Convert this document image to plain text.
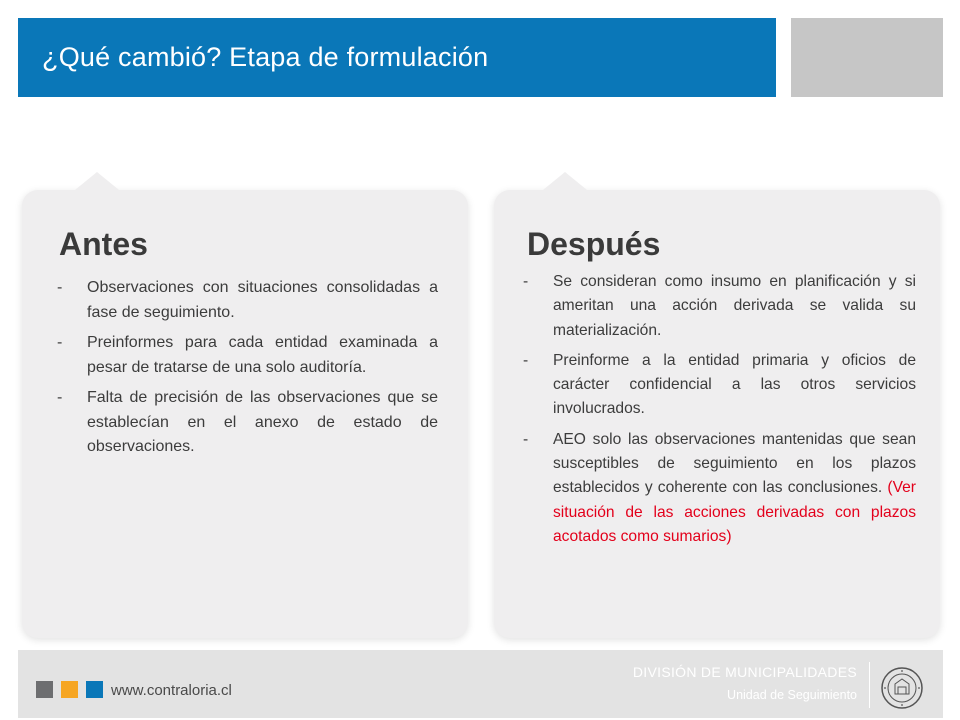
¿Qué cambió? Etapa de formulación
Antes
- Observaciones con situaciones consolidadas a fase de seguimiento.
- Preinformes para cada entidad examinada a pesar de tratarse de una solo auditoría.
- Falta de precisión de las observaciones que se establecían en el anexo de estado de observaciones.
Después
- Se consideran como insumo en planificación y si ameritan una acción derivada se valida su materialización.
- Preinforme a la entidad primaria y oficios de carácter confidencial a las otros servicios involucrados.
- AEO solo las observaciones mantenidas que sean susceptibles de seguimiento en los plazos establecidos y coherente con las conclusiones. (Ver situación de las acciones derivadas con plazos acotados como sumarios)
www.contraloria.cl
DIVISIÓN DE MUNICIPALIDADES
Unidad de Seguimiento
